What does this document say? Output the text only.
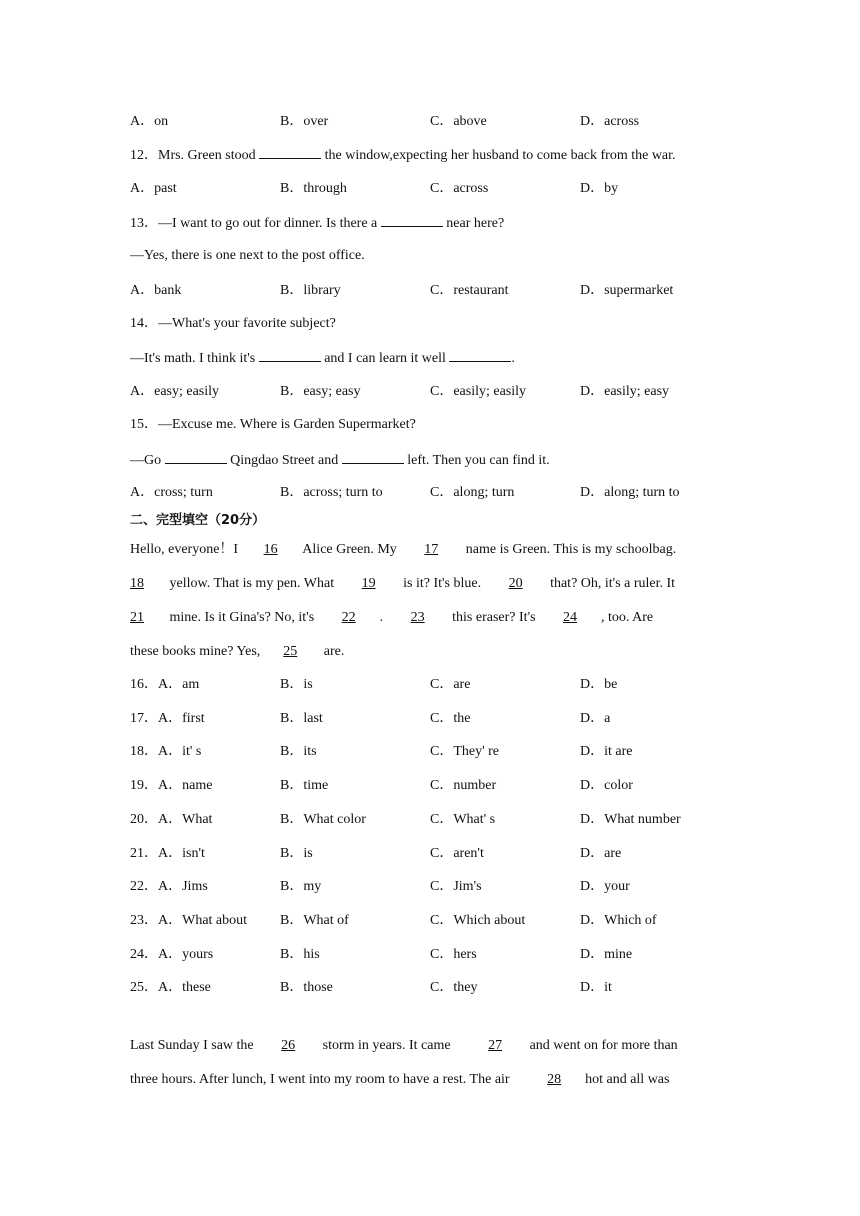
A．on	B．over	C．above	D．across
12．Mrs. Green stood	the window,expecting her husband to come back from the war.
A．past	B．through	C．across	D．by
13．—I want to go out for dinner. Is there a	near here?
—Yes, there is one next to the post office.
A．bank	B．library	C．restaurant	D．supermarket
14．—What's your favorite subject?
—It's math. I think it's	and I can learn it well	.
A．easy; easily	B．easy; easy	C．easily; easily	D．easily; easy
15．—Excuse me. Where is Garden Supermarket?
—Go	Qingdao Street and	left. Then you can find it.
A．cross; turn	B．across; turn to	C．along; turn	D．along; turn to
二、完型填空（20分）
Hello, everyone！I 16 Alice Green. My 17 name is Green. This is my schoolbag.
18 yellow. That is my pen. What 19 is it? It's blue. 20 that? Oh, it's a ruler. It
21 mine. Is it Gina's? No, it's 22 . 23 this eraser? It's 24 , too. Are
these books mine? Yes, 25 are.
16．A．am	B．is	C．are	D．be
17．A．first	B．last	C．the	D．a
18．A．it' s	B．its	C．They' re	D．it are
19．A．name	B．time	C．number	D．color
20．A．What	B．What color	C．What' s	D．What number
21．A．isn't	B．is	C．aren't	D．are
22．A．Jims	B．my	C．Jim's	D．your
23．A．What about B．What of	C．Which about	D．Which of
24．A．yours	B．his	C．hers	D．mine
25．A．these	B．those	C．they	D．it
Last Sunday I saw the 26 storm in years. It came 27 and went on for more than
three hours. After lunch, I went into my room to have a rest. The air 28 hot and all was
